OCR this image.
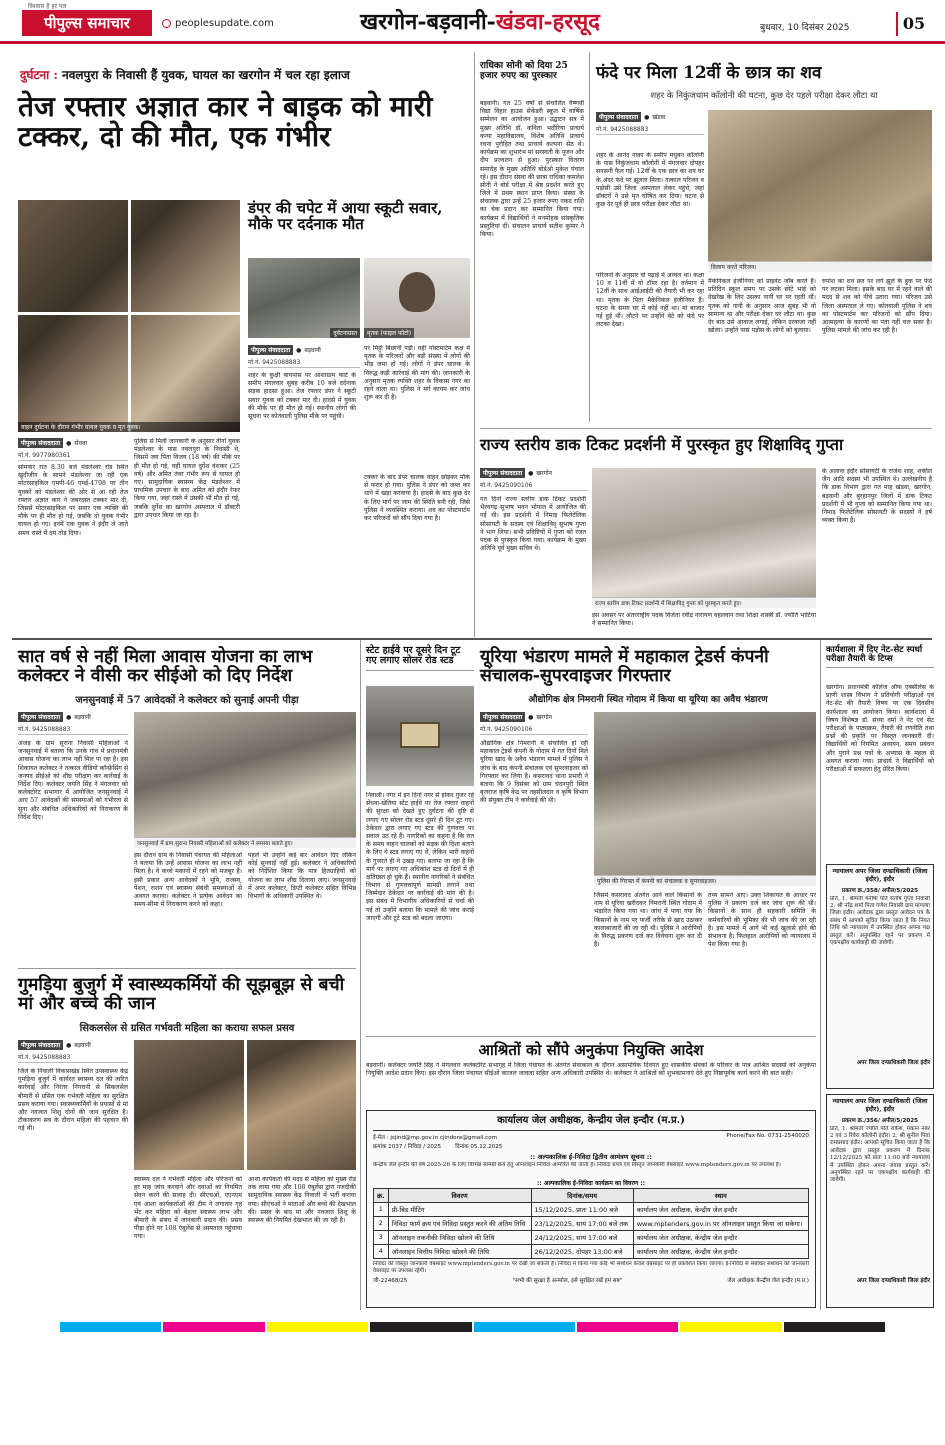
पीपुल्स समाचार
विश्वास है हर पल
peoplesupdate.com	खरगोन-बड़वानी-खंडवा-हरसूद	बुधवार, 10 दिसंबर 2025	05
दुर्घटना : नवलपुरा के निवासी हैं युवक, घायल का खरगोन में चल रहा इलाज
तेज रफ्तार अज्ञात कार ने बाइक को मारी टक्कर, दो की मौत, एक गंभीर
वाहन दुर्घटना के दौरान गंभीर घायल युवक व मृत युवक।
पीपुल्स संवाददाता	● सेंधवा
मो.नं. 9977980361
सोमवार रात 8.30 बजे मंडलेश्वर रोड स्थित खुदीजीन के सामने मंडलेश्वर जा रही एक मोटरसाइकिल एमपी-46 एमई-4798 पर तीन युवकों को मंडलेश्वर की ओर से आ रही तेज रफ्तार अज्ञात कार ने जबरदस्त टक्कर मार दी, जिससे मोटरसाइकिल पर सवार एक व्यक्ति की मौके पर ही मौत हो गई, जबकि दो युवक गंभीर घायल हो गए। इनमें एक युवक ने इंदौर ले जाते समय रास्ते में दम तोड़ दिया।
पुलिस से मिली जानकारी के अनुसार तीनों युवक मंडलेश्वर के पास नवलपुरा के निवासी थे, जिसमें जय पिता विजय (18 वर्ष) की मौके पर ही मौत हो गई, वहीं घायल दुर्गेश वंशकर (25 वर्ष) और अमित तंवर गंभीर रूप से घायल हो गए। सामुदायिक स्वास्थ्य केंद्र मंडलेश्वर में प्राथमिक उपचार के बाद अमित को इंदौर रेफर किया गया, जहां रास्ते में उसकी भी मौत हो गई, जबकि दुर्गेश का खरगोन अस्पताल में डॉक्टरी द्वारा उपचार किया जा रहा है।
डंपर की चपेट में आया स्कूटी सवार, मौके पर दर्दनाक मौत
दुर्घटनाग्रस्त	मृतक (फाइल फोटो)
पीपुल्स संवाददाता	● बड़वानी
मो.नं. 9425088883
शहर के कुक्षी बायपास पर आशाग्राम फाटे के समीप मंगलवार सुबह करीब 10 बजे दर्दनाक सड़क हादसा हुआ। तेज रफ्तार डंपर ने स्कूटी सवार युवक को टक्कर मार दी। हादसे में युवक की मौके पर ही मौत हो गई। स्थानीय लोगों की सूचना पर कोतवाली पुलिस मौके पर पहुंची।
पर मिट्टी बिछानी पड़ी। वहीं पोस्टमार्टम कक्ष में मृतक के परिजनों और बड़ी संख्या में लोगों की भीड़ जमा हो गई। लोगों ने डंपर चालक के विरुद्ध कड़ी कार्रवाई की मांग की। जानकारी के अनुसार मृतक व्यक्ति शहर के विकास नगर का रहने वाला था। पुलिस ने मर्ग कायम कर जांच शुरू कर दी है।
टक्कर के बाद डंपर चालक वाहन छोड़कर मौके से फरार हो गया। पुलिस ने डंपर को जब्त कर थाने में खड़ा करवाया है। हादसे के बाद कुछ देर के लिए मार्ग पर जाम की स्थिति बनी रही, जिसे पुलिस ने व्यवस्थित कराया। शव का पोस्टमार्टम कर परिजनों को सौंप दिया गया है।
राधिका सोनी को दिया 25 हजार रुपए का पुरस्कार
बड़वानी। गत 25 वर्षों से संचालित वैष्णवी विद्या विहार हाउस सेकेंडरी स्कूल में वार्षिक सम्मेलन का आयोजन हुआ। उद्घाटन सत्र में मुख्य अतिथि डॉ. कविता भदौरिया प्राचार्य कन्या महाविद्यालय, विशेष अतिथि प्राचार्य रचना पुरोहित तथा प्राचार्य कल्पना सेठ थे। कार्यक्रम का शुभारंभ मां सरस्वती के पूजन और दीप प्रज्वलन से हुआ। पुरस्कार वितरण समारोह के मुख्य अतिथि बोर्डओ मुकेश पंचाल रहे। इस दौरान संस्था की छात्रा राधिका कमलेश सोनी ने बोर्ड परीक्षा में श्रेष्ठ प्रदर्शन करते हुए जिले में प्रथम स्थान प्राप्त किया। संस्था के संचालक द्वारा उन्हें 25 हजार रुपए नकद राशि का चेक प्रदान कर सम्मानित किया गया। कार्यक्रम में विद्यार्थियों ने मनमोहक सांस्कृतिक प्रस्तुतियां दीं। संचालन प्राचार्य सतीश कुमार ने किया।
फंदे पर मिला 12वीं के छात्र का शव
शहर के निकुंजधाम कॉलोनी की घटना, कुछ देर पहले परीक्षा देकर लौटा था
पीपुल्स संवाददाता	● खंडवा
मो.नं. 9425088883
विलाप करते परिजन।
शहर के आनंद नाका के समीप मधुबन कॉलोनी के पास निकुंजधाम कॉलोनी में मंगलवार दोपहर सनसनी फैल गई। 12वीं के एक छात्र का शव घर के अंदर फंदे पर झूलता मिला। तत्काल परिजन व पड़ोसी उसे जिला अस्पताल लेकर पहुंचे, जहां डॉक्टरों ने उसे मृत घोषित कर दिया। घटना से कुछ देर पूर्व ही छात्र परीक्षा देकर लौटा था।
परिजनों के अनुसार वो पढ़ाई में अव्वल था। कक्षा 10 व 11वीं में वो टॉपर रहा है। वर्तमान में 12वीं के साथ आईआईटी की तैयारी भी कर रहा था। मृतक के पिता मैकेनिकल इंजीनियर हैं। घटना के समय घर में कोई नहीं था। मां बाजार गई हुई थीं। लौटने पर उन्होंने बेटे को फंदे पर लटका देखा।
मैकेनिकल इंजीनियर को प्राइवेट जॉब करते हैं। प्रतिदिन स्कूल समय पर उसके छोटे भाई को देखरेख के लिए उसका नानी घर पर रहती थीं। मृतक को नानी के अनुसार आज सुबह भी वो सामान्य था और परीक्षा देकर घर लौटा था। कुछ देर बाद उसे आवाज लगाई, लेकिन दरवाजा नहीं खोला। उन्होंने पास पड़ोस के लोगों को बुलाया।
रुपांश का शव छत पर लगे झूले के हुक पर फंदे पर लटका मिला। इसके बाद घर में रहने वाले की मदद से शव को नीचे उतारा गया। परिजन उसे जिला अस्पताल ले गए। कोतवाली पुलिस ने शव का पोस्टमार्टम कर परिजनों को सौंप दिया। आत्महत्या के कारणों का पता नहीं चल सका है। पुलिस मामले की जांच कर रही है।
राज्य स्तरीय डाक टिकट प्रदर्शनी में पुरस्कृत हुए शिक्षाविद् गुप्ता
पीपुल्स संवाददाता	● खरगोन
मो.नं. 9425090106
गत दिनों राज्य स्तरीय डाक टिकट प्रदर्शनी भैरवगढ़ सुभाष भवन भोपाल में आयोजित की गई थी। इस प्रदर्शनी में निमाड़ फिलेटेलिक सोसायटी के सदस्य एवं शिक्षाविद् सुभाष गुप्ता ने भाग लिया। सभी प्रविष्टियों में गुप्ता को रजत पदक से पुरस्कृत किया गया। कार्यक्रम के मुख्य अतिथि पूर्व मुख्य सचिव थे।
राज्य स्तरीय डाक टिकट प्रदर्शनी में शिक्षाविद् गुप्ता को पुरस्कृत करते हुए।
इस अवसर पर अंतरराष्ट्रीय पदक विजेता रवींद्र नारायण वहलवान तथा शिक्षा शास्त्री डॉ. ज्योति भाटिया ने सम्मानित किया।
के अलावा इंदौर सोसायटी के राजेश शाह, शकील जैन आदि सदस्य भी उपस्थित थे। उल्लेखनीय है कि डाक विभाग द्वारा गत माह खंडवा, खरगोन, बड़वानी और बुरहानपुर जिलों में डाक टिकट प्रदर्शनी में भी गुप्ता को सम्मानित किया गया था। निमाड़ फिलेटेलिक सोसायटी के सदस्यों ने हर्ष व्यक्त किया है।
सात वर्ष से नहीं मिला आवास योजना का लाभ कलेक्टर ने वीसी कर सीईओ को दिए निर्देश
जनसुनवाई में 57 आवेदकों ने कलेक्टर को सुनाई अपनी पीड़ा
पीपुल्स संवाददाता	● बड़वानी
मो.नं. 9425088883
अंजड़ के ग्राम सुराना निवासी महिलाओं ने जनसुनवाई में बताया कि उनके गांव में प्रधानमंत्री आवास योजना का लाभ नहीं मिल पा रहा है। इस शिकायत कलेक्टर ने तत्काल वीडियो कॉन्फ्रेंसिंग से जनपद सीईओ को शीघ्र परीक्षण कर कार्रवाई के निर्देश दिए। कलेक्टर जयति सिंह ने मंगलवार को कलेक्टोरेट सभागार में आयोजित जनसुनवाई में आए 57 आवेदकों की समस्याओं को गंभीरता से सुना और संबंधित अधिकारियों को निराकरण के निर्देश दिए।
जनसुनवाई में ग्राम सुराना निवासी महिलाओं को कलेक्टर ने समस्या बताते हुए।
इस दौरान ग्राम के निवासी पंचायत की महिलाओं ने बताया कि उन्हें आवास योजना का लाभ नहीं मिला है। वे कच्चे मकानों में रहने को मजबूर हैं। इसी प्रकार अन्य आवेदकों ने भूमि, राजस्व, पेंशन, राशन एवं स्वास्थ्य संबंधी समस्याओं से अवगत कराया। कलेक्टर ने प्रत्येक आवेदन का समय-सीमा में निराकरण करने को कहा।
पहले भी उन्होंने कई बार आवेदन दिए लेकिन कोई सुनवाई नहीं हुई। कलेक्टर ने अधिकारियों को निर्देशित किया कि पात्र हितग्राहियों को योजना का लाभ शीघ्र दिलाया जाए। जनसुनवाई में अपर कलेक्टर, डिप्टी कलेक्टर सहित विभिन्न विभागों के अधिकारी उपस्थित थे।
गुमड़िया बुजुर्ग में स्वास्थ्यकर्मियों की सूझबूझ से बची मां और बच्चे की जान
सिकलसेल से ग्रसित गर्भवती महिला का कराया सफल प्रसव
पीपुल्स संवाददाता	● बड़वानी
मो.नं. 9425088883
जिले के निवाली विकासखंड स्थित उपस्वास्थ्य केंद्र गुमड़िया बुजुर्ग में कार्यरत स्वास्थ्य दल की त्वरित कार्रवाई और निरंतर निगरानी से सिकलसेल बीमारी से ग्रसित एक गर्भवती महिला का सुरक्षित प्रसव कराया गया। स्वास्थ्यकर्मियों के प्रयासों से मां और नवजात शिशु दोनों की जान सुरक्षित है। टीकाकरण सत्र के दौरान महिला की पहचान की गई थी।
स्वास्थ्य दल ने गर्भवती महिला और परिजनों को हर माह जांच करवाने और दवाओं का नियमित सेवन करने की सलाह दी। सीएचओ, एएनएम एवं आशा कार्यकर्ताओं की टीम ने लगातार गृह भेंट कर महिला को बेहतर स्वास्थ्य लाभ और बीमारी के संबंध में जानकारी प्रदान की। प्रसव पीड़ा होने पर 108 एंबुलेंस से अस्पताल पहुंचाया गया।
आशा कार्यकर्ता की मदद से महिला को मुख्य रोड तक लाया गया और 108 एंबुलेंस द्वारा नजदीकी सामुदायिक स्वास्थ्य केंद्र निवाली में भर्ती कराया गया। सीएचओ ने माताओं और बच्चे की देखभाल की। प्रसव के बाद मां और नवजात शिशु के स्वास्थ्य की नियमित देखभाल की जा रही है।
स्टेट हाईवे पर दूसरे दिन टूट गए लगाए सोलर रोड स्टड
निवाली। नगर में इन दिनों नगर से होकर गुजर रहे सेंधवा-खेतिया स्टेट हाईवे पर तेज रफ्तार वाहनों की सुरक्षा को देखते हुए दुर्घटना की दृष्टि से लगाए गए सोलर रोड स्टड दूसरे ही दिन टूट गए। ठेकेदार द्वारा लगाए गए स्टड की गुणवत्ता पर सवाल उठ रहे हैं। नागरिकों का कहना है कि रात के समय वाहन चालकों को सड़क की दिशा बताने के लिए ये स्टड लगाए गए थे, लेकिन भारी वाहनों के गुजरते ही ये उखड़ गए। बताया जा रहा है कि मार्ग पर लगाए गए अधिकांश स्टड दो दिनों में ही क्षतिग्रस्त हो चुके हैं। स्थानीय नागरिकों ने संबंधित विभाग से गुणवत्तापूर्ण सामग्री लगाने तथा जिम्मेदार ठेकेदार पर कार्रवाई की मांग की है। इस संबंध में विभागीय अधिकारियों से चर्चा की गई तो उन्होंने बताया कि मामले की जांच कराई जाएगी और टूटे स्टड को बदला जाएगा।
यूरिया भंडारण मामले में महाकाल ट्रेडर्स कंपनी संचालक-सुपरवाइजर गिरफ्तार
औद्योगिक क्षेत्र निमरानी स्थित गोदाम में किया था यूरिया का अवैध भंडारण
पीपुल्स संवाददाता	● खरगोन
मो.नं. 9425090106
औद्योगिक क्षेत्र निमरानी में संचालित हो रही महाकाल ट्रेडर्स कंपनी के गोदाम में गत दिनों मिले यूरिया खाद के अवैध भंडारण मामले में पुलिस ने जांच के बाद कंपनी संचालक एवं सुपरवाइजर को गिरफ्तार कर लिया है। कसरावद थाना प्रभारी ने बताया कि 9 दिसंबर को ग्राम चंदनपुरी स्थित बृजराज कृषि केंद्र पर तहसीलदार व कृषि विभाग की संयुक्त टीम ने कार्रवाई की थी।
पुलिस की गिरफ्त में कंपनी का संचालक व सुपरवाइजर।
जिसमें कसरावद अंतर्गत आने वाले किसानों के नाम से यूरिया खरीदकर निमरानी स्थित गोदाम में भंडारित किया गया था। जांच में पाया गया कि किसानों के नाम पर फर्जी तरीके से खाद उठाकर कालाबाजारी की जा रही थी। पुलिस ने आरोपियों के विरुद्ध प्रकरण दर्ज कर विवेचना शुरू कर दी है।
तथ्य सामने आए। उक्त शिकायत के आधार पर पुलिस ने प्रकरण दर्ज कर जांच शुरू की थी। किसानों के साथ ही सहकारी समिति के कर्मचारियों की भूमिका की भी जांच की जा रही है। इस मामले में आगे भी कई खुलासे होने की संभावना है। फिलहाल आरोपियों को न्यायालय में पेश किया गया है।
आश्रितों को सौंपे अनुकंपा नियुक्ति आदेश
बड़वानी। कलेक्टर जयति सिंह ने मंगलवार कलेक्टोरेट सभागृह में जिला पंचायत के अंतर्गत सेवाकाल के दौरान असामयिक दिवंगत हुए शासकीय सेवकों के परिवार के पात्र आश्रित सदस्यों को अनुकंपा नियुक्ति आदेश प्रदान किए। इस दौरान जिला पंचायत सीईओ काजल जावला सहित अन्य अधिकारी उपस्थित थे। कलेक्टर ने आश्रितों को शुभकामनाएं देते हुए निष्ठापूर्वक कार्य करने की बात कही।
कार्यालय जेल अधीक्षक, केन्द्रीय जेल इन्दौर (म.प्र.)
ई-मेल : jsjind@mp.gov.in cjindore@gmail.com	Phone/Fax No. 0731-2540020
क्रमांक 1037 / निविदा / 2025        दिनांक 05.12.2025
:: अल्पकालिक ई-निविदा द्वितीय आमंत्रण सूचना ::
केन्द्रीय जेल इन्दौर की वर्ष 2025-26 के लिए विभिन्न सामग्री क्रय हेतु ऑनलाइन निविदा आमंत्रित की जाती है। निविदा प्रपत्र एवं विस्तृत जानकारी वेबसाइट www.mptenders.gov.in पर उपलब्ध है।
:: अल्पकालिक ई-निविदा कार्यक्रम का विवरण ::
क्र.	विवरण	दिनांक/समय	स्थान
1	प्री-बिड मीटिंग	15/12/2025, प्रातः 11:00 बजे	कार्यालय जेल अधीक्षक, केन्द्रीय जेल इन्दौर
2	निविदा फार्म क्रय एवं निविदा प्रस्तुत करने की अंतिम तिथि	23/12/2025, सायं 17:00 बजे तक	www.mptenders.gov.in पर ऑनलाइन प्रस्तुत किया जा सकेगा।
3	ऑनलाइन तकनीकी निविदा खोलने की तिथि	24/12/2025, सायं 17:00 बजे	कार्यालय जेल अधीक्षक, केन्द्रीय जेल इन्दौर
4	ऑनलाइन वित्तीय निविदा खोलने की तिथि	26/12/2025, दोपहर 13:00 बजे	कार्यालय जेल अधीक्षक, केन्द्रीय जेल इन्दौर
निविदा की विस्तृत जानकारी वेबसाइट www.mptenders.gov.in पर देखी जा सकती है। निविदा में किया गया कोई भी संशोधन केवल वेबसाइट पर ही प्रकाशित किया जाएगा। ई-निविदा से संबंधित संशोधन की जानकारी वेबसाइट पर उपलब्ध रहेगी।
जी-22468/25	"सभी की सुरक्षा है अनमोल, इसे सुरक्षित रखें हम सब"	जेल अधीक्षक केन्द्रीय जेल इन्दौर (म.प्र.)
कार्यशाला में दिए नेट-सेट स्पर्धा परीक्षा तैयारी के टिप्स
खरगोन। प्रधानमंत्री कॉलेज ऑफ एक्सीलेंस के प्राणी शास्त्र विभाग ने प्रतियोगी परीक्षाओं एवं नेट-सेट की तैयारी विषय पर एक दिवसीय कार्यशाला का आयोजन किया। कार्यशाला में विषय विशेषज्ञ डॉ. संध्या वर्मा ने नेट एवं सेट परीक्षाओं के पाठ्यक्रम, तैयारी की रणनीति तथा प्रश्नों की प्रकृति पर विस्तृत जानकारी दी। विद्यार्थियों को नियमित अध्ययन, समय प्रबंधन और पुराने प्रश्न पत्रों के अभ्यास के महत्व से अवगत कराया गया। प्राचार्य ने विद्यार्थियों को परीक्षाओं में सफलता हेतु प्रेरित किया।
न्यायालय अपर जिला दण्डाधिकारी (जिला इंदौर), इंदौर
प्रकरण क्र./358/ अपील/5/2025
प्रति, 1. श्रीमती मनीषा पति संतोष गुप्ता निवासी 2. श्री नरेंद्र शर्मा पिता गणेश निवासी ग्राम मांगल्या जिला इंदौर। आवेदक द्वारा प्रस्तुत आवेदन पत्र के संबंध में आपको सूचित किया जाता है कि नियत तिथि को न्यायालय में उपस्थित होकर अपना पक्ष प्रस्तुत करें। अनुपस्थित रहने पर प्रकरण में एकपक्षीय कार्यवाही की जावेगी।
अपर जिला दण्डाधिकारी जिला इंदौर
न्यायालय अपर जिला दण्डाधिकारी (जिला इंदौर), इंदौर
प्रकरण क्र./356/ अपील/5/2025
प्रति, 1. श्रीमती ज्योति पति राकेश, मकान नंबर 2 एवं 3 रिवेरा कॉलोनी इंदौर। 2. श्री सुनील पिता रामप्रसाद इंदौर। आपको सूचित किया जाता है कि आवेदक द्वारा प्रस्तुत प्रकरण में दिनांक 12/12/2025 को प्रातः 11:00 बजे न्यायालय में उपस्थित होकर अपना जवाब प्रस्तुत करें। अनुपस्थित रहने पर एकपक्षीय कार्यवाही की जावेगी।
अपर जिला दण्डाधिकारी जिला इंदौर
